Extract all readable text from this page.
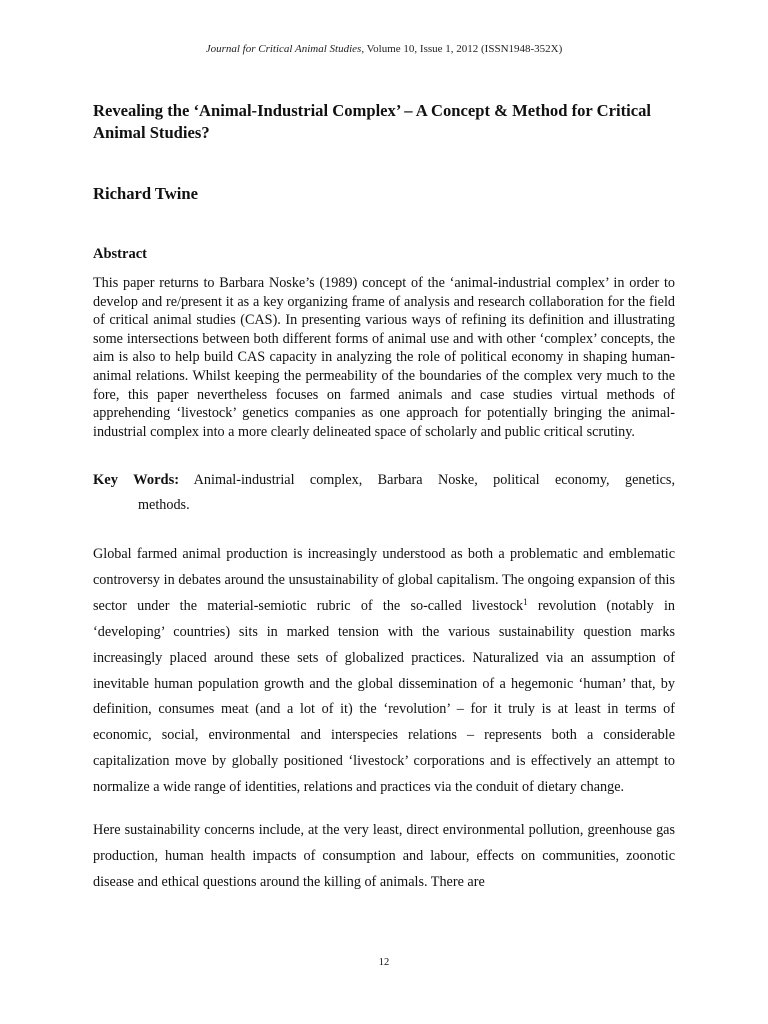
Journal for Critical Animal Studies, Volume 10, Issue 1, 2012 (ISSN1948-352X)
Revealing the ‘Animal-Industrial Complex’ – A Concept & Method for Critical Animal Studies?
Richard Twine
Abstract

This paper returns to Barbara Noske’s (1989) concept of the ‘animal-industrial complex’ in order to develop and re/present it as a key organizing frame of analysis and research collaboration for the field of critical animal studies (CAS). In presenting various ways of refining its definition and illustrating some intersections between both different forms of animal use and with other ‘complex’ concepts, the aim is also to help build CAS capacity in analyzing the role of political economy in shaping human-animal relations. Whilst keeping the permeability of the boundaries of the complex very much to the fore, this paper nevertheless focuses on farmed animals and case studies virtual methods of apprehending ‘livestock’ genetics companies as one approach for potentially bringing the animal-industrial complex into a more clearly delineated space of scholarly and public critical scrutiny.

Key Words: Animal-industrial complex, Barbara Noske, political economy, genetics,
methods.

Global farmed animal production is increasingly understood as both a problematic and emblematic controversy in debates around the unsustainability of global capitalism. The ongoing expansion of this sector under the material-semiotic rubric of the so-called livestock$^1$ revolution (notably in ‘developing’ countries) sits in marked tension with the various sustainability question marks increasingly placed around these sets of globalized practices. Naturalized via an assumption of inevitable human population growth and the global dissemination of a hegemonic ‘human’ that, by definition, consumes meat (and a lot of it) the ‘revolution’ – for it truly is at least in terms of economic, social, environmental and interspecies relations – represents both a considerable capitalization move by globally positioned ‘livestock’ corporations and is effectively an attempt to normalize a wide range of identities, relations and practices via the conduit of dietary change.

Here sustainability concerns include, at the very least, direct environmental pollution, greenhouse gas production, human health impacts of consumption and labour, effects on communities, zoonotic disease and ethical questions around the killing of animals. There are

12
